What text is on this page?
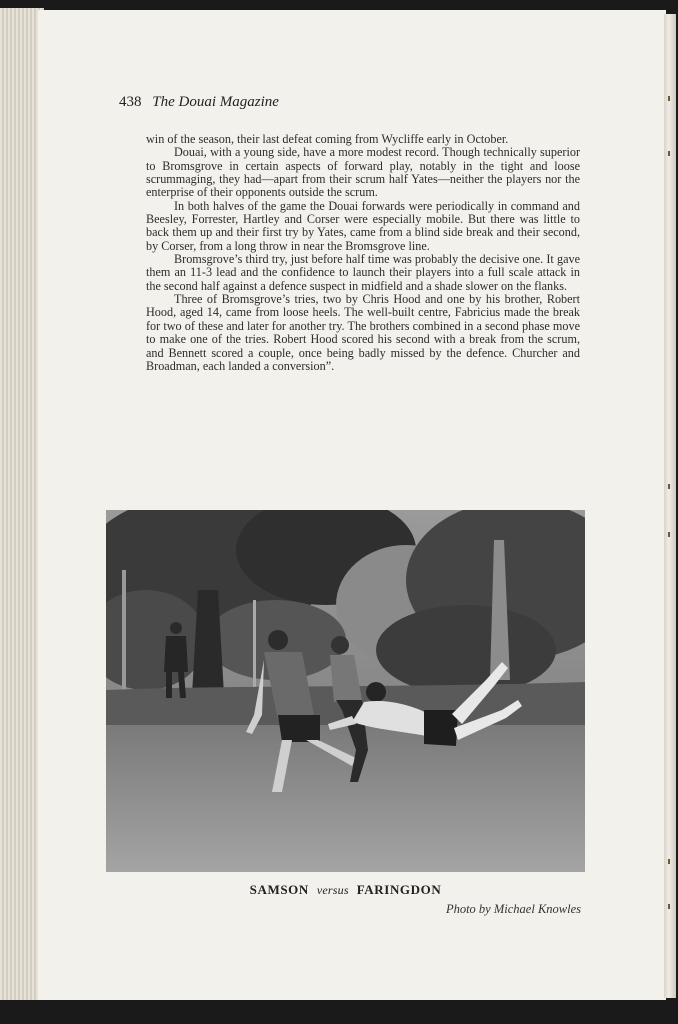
438 The Douai Magazine

win of the season, their last defeat coming from Wycliffe early in October.

Douai, with a young side, have a more modest record. Though technically superior to Bromsgrove in certain aspects of forward play, notably in the tight and loose scrummaging, they had—apart from their scrum half Yates—neither the players nor the enterprise of their opponents outside the scrum.

In both halves of the game the Douai forwards were periodically in command and Beesley, Forrester, Hartley and Corser were especially mobile. But there was little to back them up and their first try by Yates, came from a blind side break and their second, by Corser, from a long throw in near the Bromsgrove line.

Bromsgrove’s third try, just before half time was probably the decisive one. It gave them an 11-3 lead and the confidence to launch their players into a full scale attack in the second half against a defence suspect in midfield and a shade slower on the flanks.

Three of Bromsgrove’s tries, two by Chris Hood and one by his brother, Robert Hood, aged 14, came from loose heels. The well-built centre, Fabricius made the break for two of these and later for another try. The brothers combined in a second phase move to make one of the tries. Robert Hood scored his second with a break from the scrum, and Bennett scored a couple, once being badly missed by the defence. Churcher and Broadman, each landed a conversion”.

SAMSON versus FARINGDON
Photo by Michael Knowles
